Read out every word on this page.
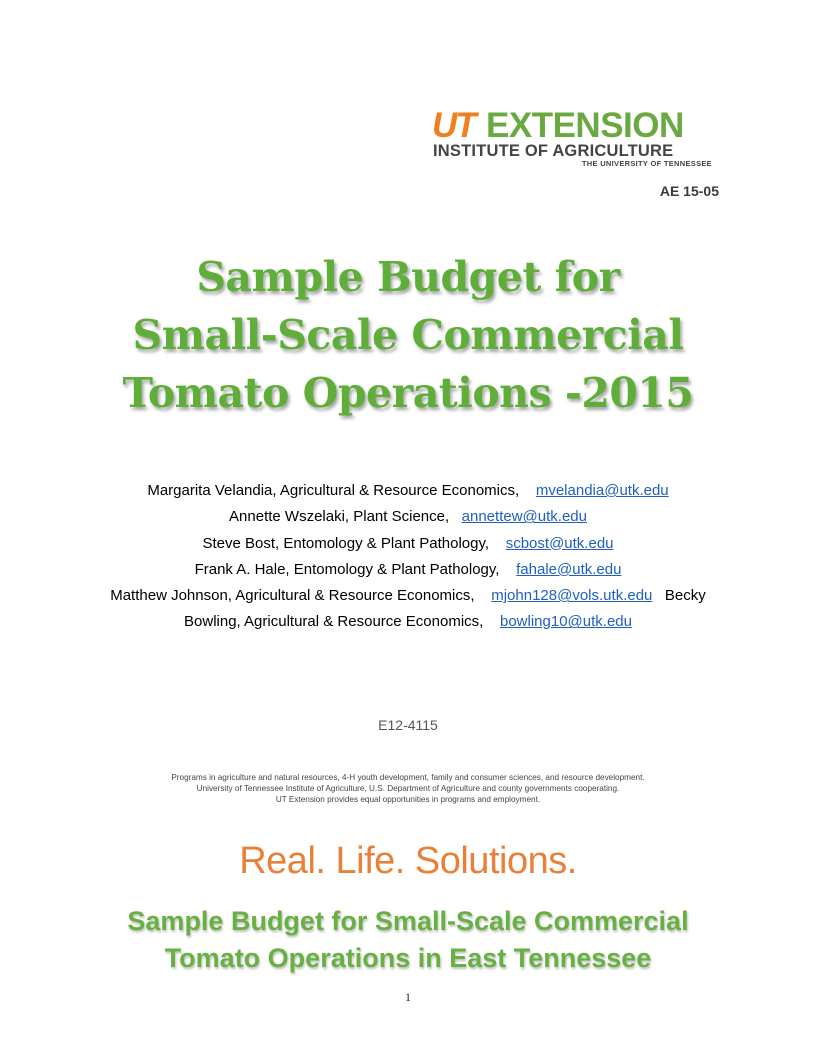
UT EXTENSION
INSTITUTE OF AGRICULTURE
THE UNIVERSITY OF TENNESSEE
AE 15-05
Sample Budget for
Small-Scale Commercial
Tomato Operations -2015
Margarita Velandia, Agricultural & Resource Economics, mvelandia@utk.edu
Annette Wszelaki, Plant Science, annettew@utk.edu
Steve Bost, Entomology & Plant Pathology, scbost@utk.edu
Frank A. Hale, Entomology & Plant Pathology, fahale@utk.edu
Matthew Johnson, Agricultural & Resource Economics, mjohn128@vols.utk.edu Becky
Bowling, Agricultural & Resource Economics, bowling10@utk.edu
E12-4115
Programs in agriculture and natural resources, 4-H youth development, family and consumer sciences, and resource development.
University of Tennessee Institute of Agriculture, U.S. Department of Agriculture and county governments cooperating.
UT Extension provides equal opportunities in programs and employment.
Real. Life. Solutions.
Sample Budget for Small-Scale Commercial
Tomato Operations in East Tennessee
1
